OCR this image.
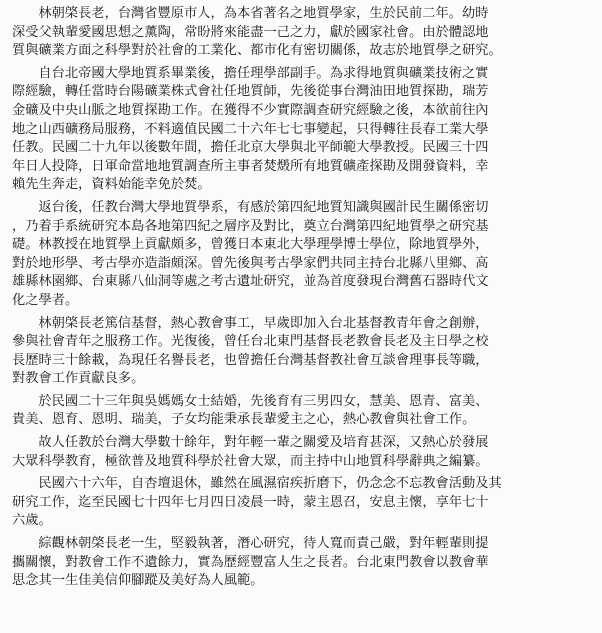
林朝棨長老，台灣省豐原市人，為本省著名之地質學家，生於民前二年。幼時
深受父執輩愛國思想之薰陶，常盼將來能盡一己之力，獻於國家社會。由於體認地
質與礦業方面之科學對於社會的工業化、都市化有密切關係，故志於地質學之研究。
自台北帝國大學地質系畢業後，擔任理學部副手。為求得地質與礦業技術之實
際經驗，轉任當時台陽礦業株式會社任地質師，先後從事台灣油田地質探勘，瑞芳
金礦及中央山脈之地質探勘工作。在獲得不少實際調查研究經驗之後，本欲前往內
地之山西礦務局服務，不料適值民國二十六年七七事變起，只得轉往長春工業大學
任教。民國二十九年以後數年間，擔任北京大學與北平師範大學教授。民國三十四
年日人投降，日軍命當地地質調查所主事者焚燬所有地質礦產探勘及開發資料，幸
賴先生奔走，資料始能幸免於焚。
返台後，任教台灣大學地質學系，有感於第四紀地質知識與國計民生關係密切
，乃着手系統研究本島各地第四紀之層序及對比，奠立台灣第四紀地質學之研究基
礎。林教授在地質學上貢獻頗多，曾獲日本東北大學理學博士學位，除地質學外，
對於地形學、考古學亦造詣頗深。曾先後與考古學家們共同主持台北縣八里鄉、高
雄縣林園鄉、台東縣八仙洞等處之考古遺址研究，並為首度發現台灣舊石器時代文
化之學者。
林朝棨長老篤信基督，熱心教會事工，早歲即加入台北基督教青年會之創辦，
參與社會青年之服務工作。光復後，曾任台北東門基督長老教會長老及主日學之校
長歷時三十餘載，為現任名譽長老，也曾擔任台灣基督教社會互談會理事長等職，
對教會工作貢獻良多。
於民國二十三年與吳媽媽女士結婚，先後育有三男四女，慧美、恩青、富美、
貴美、恩育、恩明、瑞美，子女均能秉承長輩愛主之心，熱心教會與社會工作。
故人任教於台灣大學數十餘年，對年輕一輩之關愛及培育甚深，又熱心於發展
大眾科學教育，極欲普及地質科學於社會大眾，而主持中山地質科學辭典之編纂。
民國六十六年，自杏壇退休，雖然在風濕宿疾折磨下，仍念念不忘教會活動及其
研究工作，迄至民國七十四年七月四日凌晨一時，蒙主恩召，安息主懷，享年七十
六歲。
綜觀林朝棨長老一生，堅毅執著，潛心研究，待人寬而責己嚴，對年輕輩則提
攜關懷，對教會工作不遺餘力，實為歷經豐富人生之長者。台北東門教會以教會華
思念其一生佳美信仰腳蹤及美好為人風範。
